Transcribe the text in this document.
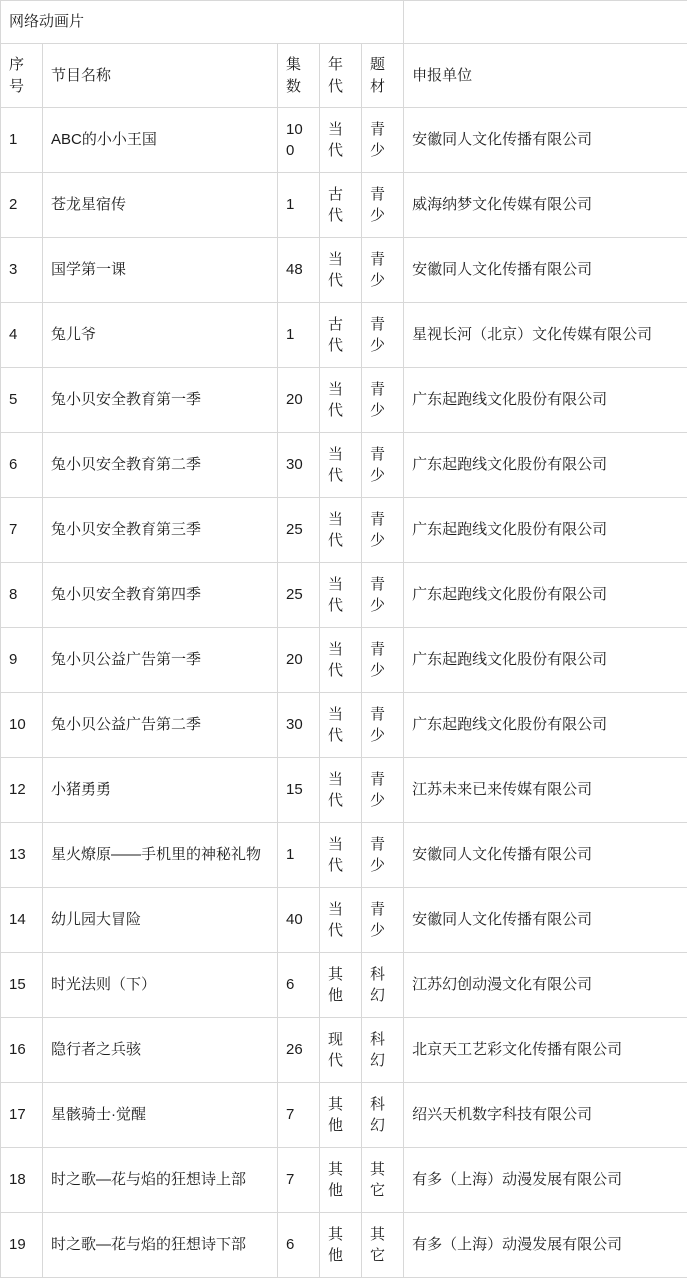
网络动画片					
序号	节目名称	集数	年代	题材	申报单位
1	ABC的小小王国	100	当代	青少	安徽同人文化传播有限公司
2	苍龙星宿传	1	古代	青少	威海纳梦文化传媒有限公司
3	国学第一课	48	当代	青少	安徽同人文化传播有限公司
4	兔儿爷	1	古代	青少	星视长河（北京）文化传媒有限公司
5	兔小贝安全教育第一季	20	当代	青少	广东起跑线文化股份有限公司
6	兔小贝安全教育第二季	30	当代	青少	广东起跑线文化股份有限公司
7	兔小贝安全教育第三季	25	当代	青少	广东起跑线文化股份有限公司
8	兔小贝安全教育第四季	25	当代	青少	广东起跑线文化股份有限公司
9	兔小贝公益广告第一季	20	当代	青少	广东起跑线文化股份有限公司
10	兔小贝公益广告第二季	30	当代	青少	广东起跑线文化股份有限公司
12	小猪勇勇	15	当代	青少	江苏未来已来传媒有限公司
13	星火燎原——手机里的神秘礼物	1	当代	青少	安徽同人文化传播有限公司
14	幼儿园大冒险	40	当代	青少	安徽同人文化传播有限公司
15	时光法则（下）	6	其他	科幻	江苏幻创动漫文化有限公司
16	隐行者之兵骇	26	现代	科幻	北京天工艺彩文化传播有限公司
17	星骸骑士·觉醒	7	其他	科幻	绍兴天机数字科技有限公司
18	时之歌—花与焰的狂想诗上部	7	其他	其它	有多（上海）动漫发展有限公司
19	时之歌—花与焰的狂想诗下部	6	其他	其它	有多（上海）动漫发展有限公司
